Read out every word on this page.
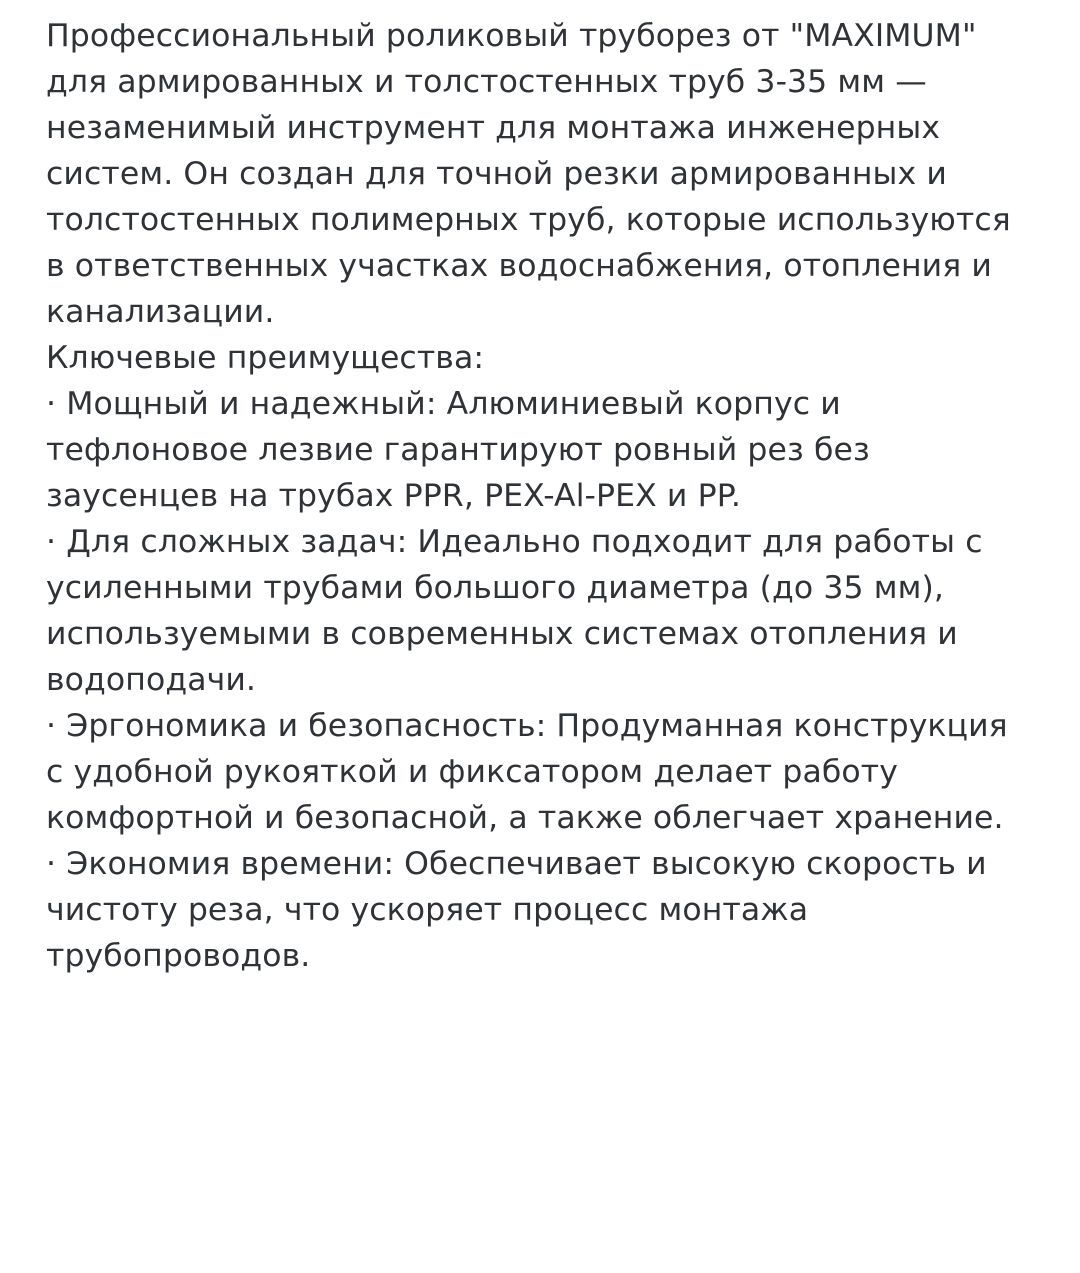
Профессиональный роликовый труборез от "MAXIMUM" для армированных и толстостенных труб 3-35 мм — незаменимый инструмент для монтажа инженерных систем. Он создан для точной резки армированных и толстостенных полимерных труб, которые используются в ответственных участках водоснабжения, отопления и канализации.

Ключевые преимущества:

· Мощный и надежный: Алюминиевый корпус и тефлоновое лезвие гарантируют ровный рез без заусенцев на трубах PPR, PEX-Al-PEX и PP.

· Для сложных задач: Идеально подходит для работы с усиленными трубами большого диаметра (до 35 мм), используемыми в современных системах отопления и водоподачи.

· Эргономика и безопасность: Продуманная конструкция с удобной рукояткой и фиксатором делает работу комфортной и безопасной, а также облегчает хранение.

· Экономия времени: Обеспечивает высокую скорость и чистоту реза, что ускоряет процесс монтажа трубопроводов.
